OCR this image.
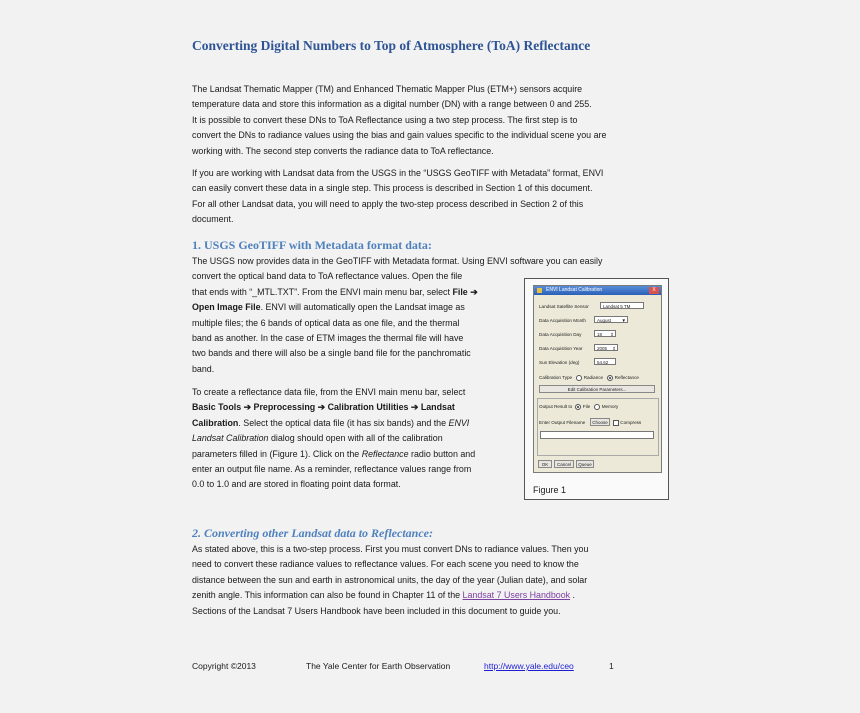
Converting Digital Numbers to Top of Atmosphere (ToA) Reflectance
The Landsat Thematic Mapper (TM) and Enhanced Thematic Mapper Plus (ETM+) sensors acquire
temperature data and store this information as a digital number (DN) with a range between 0 and 255.
It is possible to convert these DNs to ToA Reflectance using a two step process. The first step is to
convert the DNs to radiance values using the bias and gain values specific to the individual scene you are
working with. The second step converts the radiance data to ToA reflectance.
If you are working with Landsat data from the USGS in the “USGS GeoTIFF with Metadata” format, ENVI
can easily convert these data in a single step. This process is described in Section 1 of this document.
For all other Landsat data, you will need to apply the two-step process described in Section 2 of this
document.
1. USGS GeoTIFF with Metadata format data:
The USGS now provides data in the GeoTIFF with Metadata format. Using ENVI software you can easily
convert the optical band data to ToA reflectance values. Open the file
that ends with “_MTL.TXT”. From the ENVI main menu bar, select File ➔
Open Image File. ENVI will automatically open the Landsat image as
multiple files; the 6 bands of optical data as one file, and the thermal
band as another. In the case of ETM images the thermal file will have
two bands and there will also be a single band file for the panchromatic
band.
To create a reflectance data file, from the ENVI main menu bar, select
Basic Tools ➔ Preprocessing ➔ Calibration Utilities ➔ Landsat
Calibration. Select the optical data file (it has six bands) and the ENVI
Landsat Calibration dialog should open with all of the calibration
parameters filled in (Figure 1). Click on the Reflectance radio button and
enter an output file name. As a reminder, reflectance values range from
0.0 to 1.0 and are stored in floating point data format.
ENVI Landsat Calibration	X
Landsat Satellite Sensor	Landsat 5 TM
Data Acquisition Month	August ▼
Data Acquisition Day	18 ⇕
Data Acquisition Year	2005 ⇕
Sun Elevation (deg)	54.62
Calibration Type	Radiance	Reflectance
Edit Calibration Parameters...
Output Result to File	Memory
Enter Output Filename	Choose	Compress
OK	Cancel	Queue
Figure 1
2. Converting other Landsat data to Reflectance:
As stated above, this is a two-step process. First you must convert DNs to radiance values. Then you
need to convert these radiance values to reflectance values. For each scene you need to know the
distance between the sun and earth in astronomical units, the day of the year (Julian date), and solar
zenith angle. This information can also be found in Chapter 11 of the Landsat 7 Users Handbook .
Sections of the Landsat 7 Users Handbook have been included in this document to guide you.
Copyright ©2013	The Yale Center for Earth Observation	http://www.yale.edu/ceo	1
